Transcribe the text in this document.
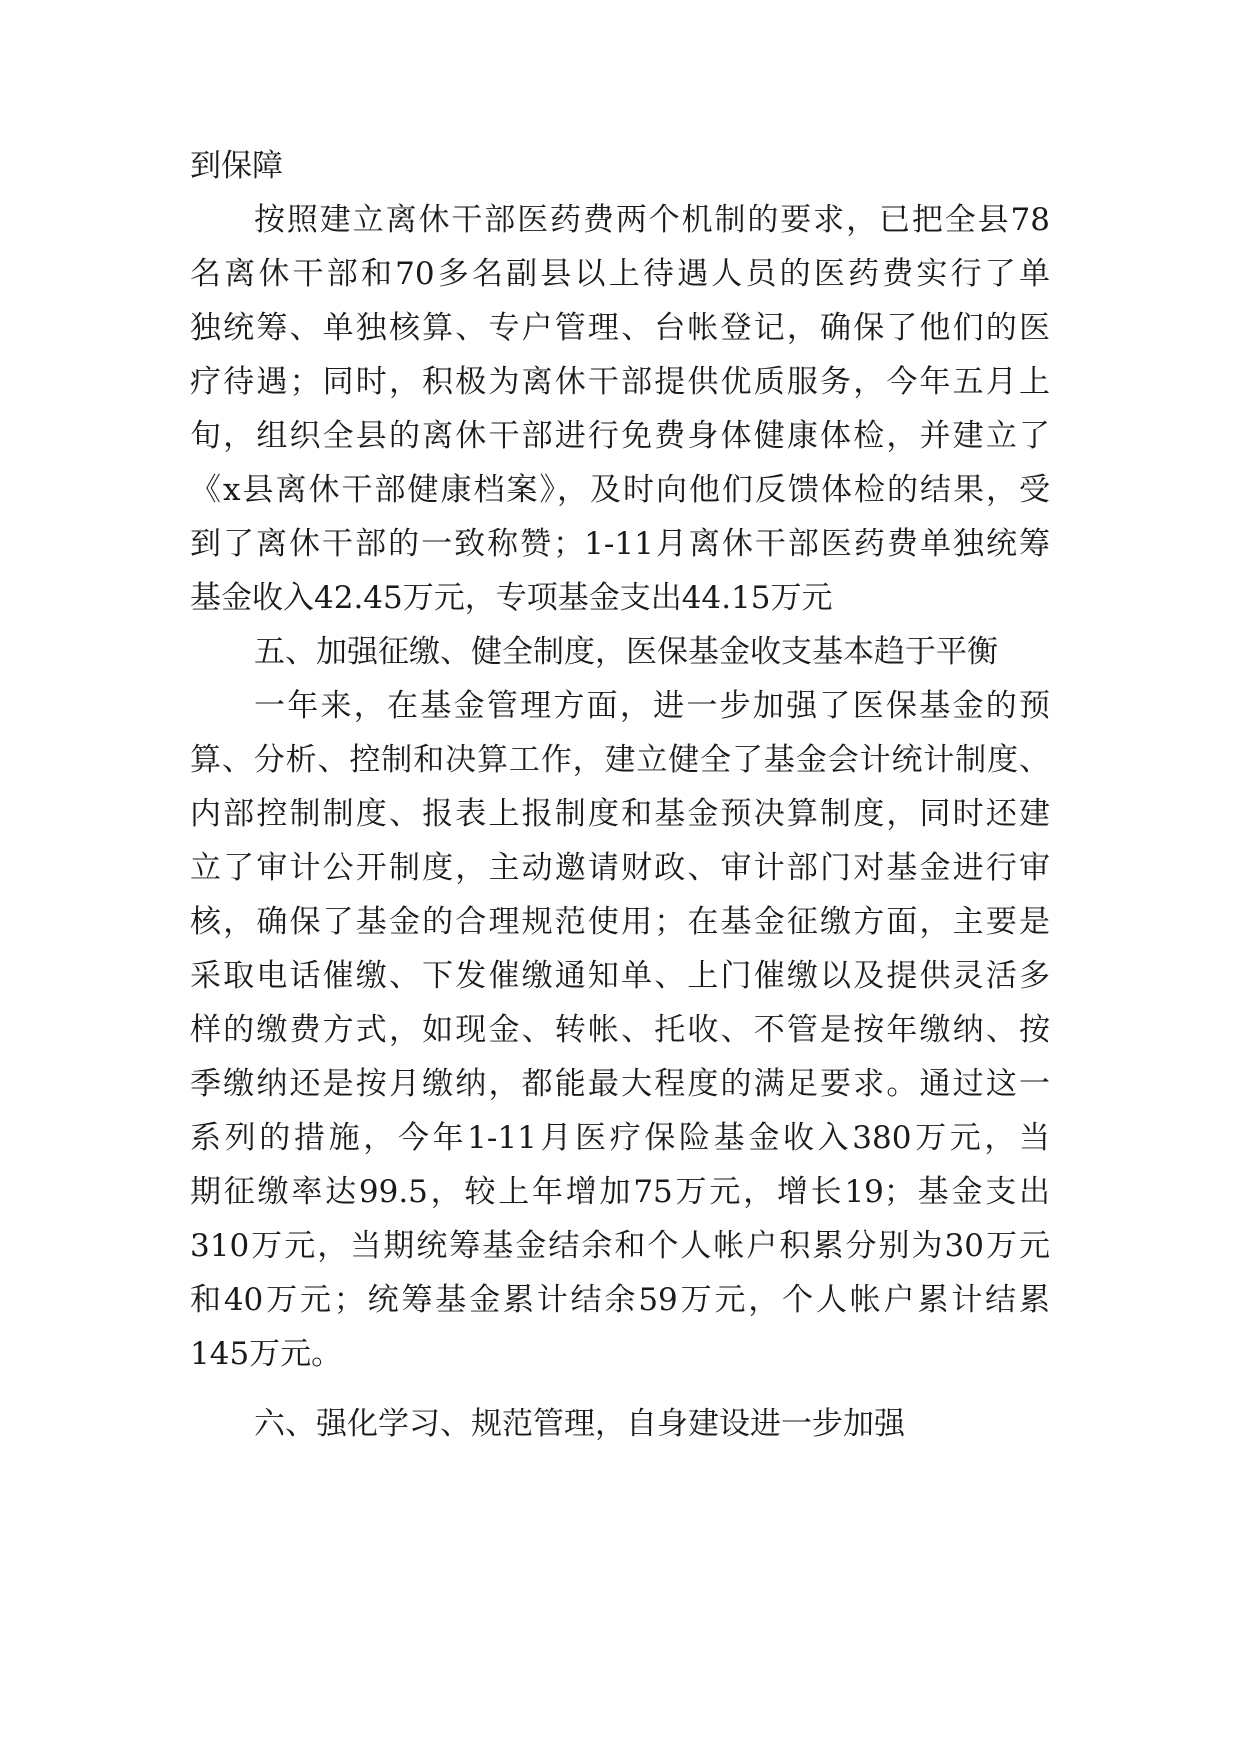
到保障
按照建立离休干部医药费两个机制的要求，已把全县78
名离休干部和70多名副县以上待遇人员的医药费实行了单
独统筹、单独核算、专户管理、台帐登记，确保了他们的医
疗待遇；同时，积极为离休干部提供优质服务，今年五月上
旬，组织全县的离休干部进行免费身体健康体检，并建立了
《x县离休干部健康档案》，及时向他们反馈体检的结果，受
到了离休干部的一致称赞；1-11月离休干部医药费单独统筹
基金收入42.45万元，专项基金支出44.15万元
五、加强征缴、健全制度，医保基金收支基本趋于平衡
一年来，在基金管理方面，进一步加强了医保基金的预
算、分析、控制和决算工作，建立健全了基金会计统计制度、
内部控制制度、报表上报制度和基金预决算制度，同时还建
立了审计公开制度，主动邀请财政、审计部门对基金进行审
核，确保了基金的合理规范使用；在基金征缴方面，主要是
采取电话催缴、下发催缴通知单、上门催缴以及提供灵活多
样的缴费方式，如现金、转帐、托收、不管是按年缴纳、按
季缴纳还是按月缴纳，都能最大程度的满足要求。通过这一
系列的措施，今年1-11月医疗保险基金收入380万元，当
期征缴率达99.5，较上年增加75万元，增长19；基金支出
310万元，当期统筹基金结余和个人帐户积累分别为30万元
和40万元；统筹基金累计结余59万元，个人帐户累计结累
145万元。
六、强化学习、规范管理，自身建设进一步加强
